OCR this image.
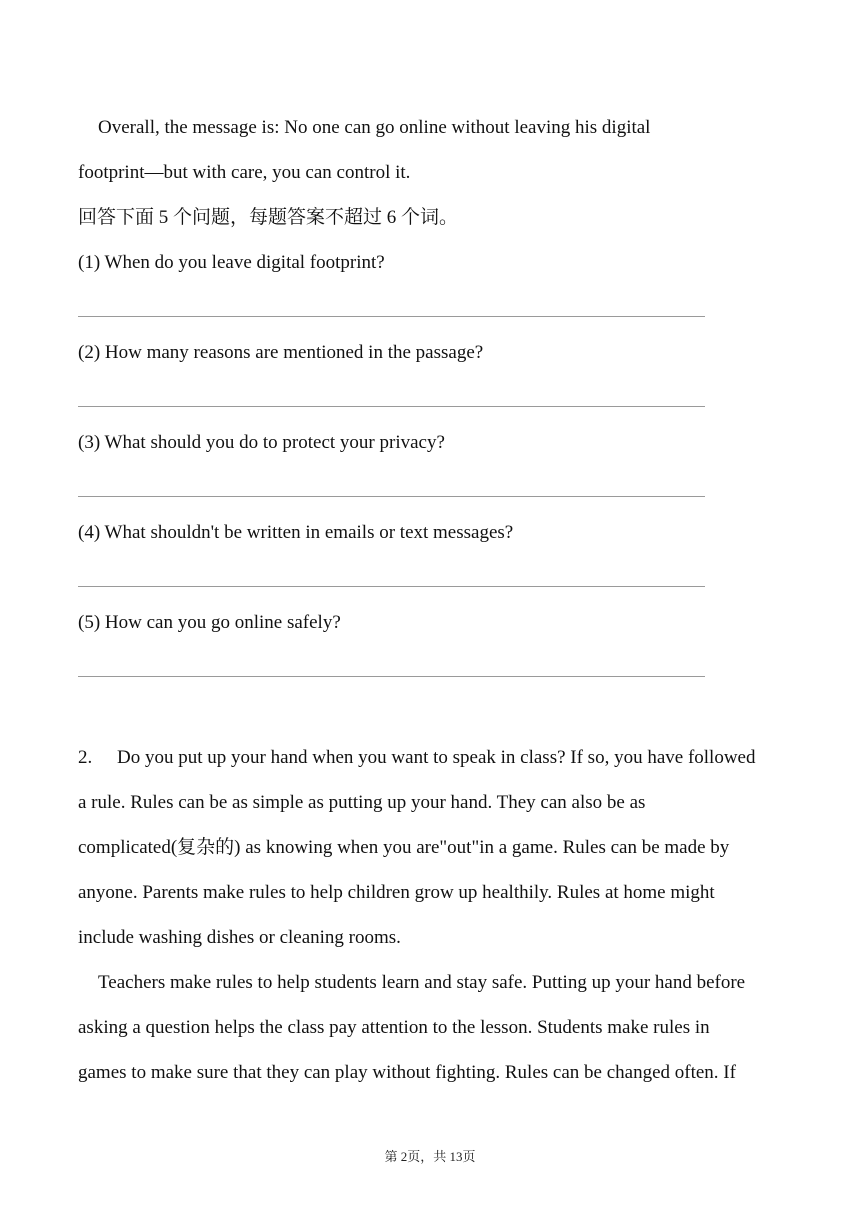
Overall, the message is: No one can go online without leaving his digital
footprint—but with care, you can control it.
回答下面 5 个问题，每题答案不超过 6 个词。
(1) When do you leave digital footprint?
(2) How many reasons are mentioned in the passage?
(3) What should you do to protect your privacy?
(4) What shouldn't be written in emails or text messages?
(5) How can you go online safely?
2. Do you put up your hand when you want to speak in class? If so, you have followed
a rule. Rules can be as simple as putting up your hand. They can also be as
complicated(复杂的) as knowing when you are"out"in a game. Rules can be made by
anyone. Parents make rules to help children grow up healthily. Rules at home might
include washing dishes or cleaning rooms.
Teachers make rules to help students learn and stay safe. Putting up your hand before
asking a question helps the class pay attention to the lesson. Students make rules in
games to make sure that they can play without fighting. Rules can be changed often. If
第 2页，共 13页
